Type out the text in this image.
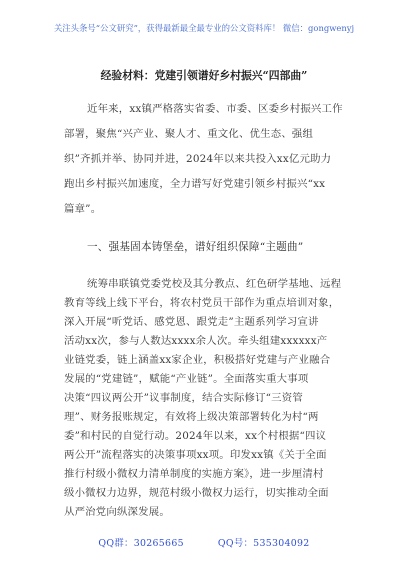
关注头条号“公文研究”，获得最新最全最专业的公文资料库！ 微信：gongwenyj
经验材料：党建引领谱好乡村振兴“四部曲”
近年来，xx镇严格落实省委、市委、区委乡村振兴工作
部署，聚焦“兴产业、聚人才、重文化、优生态、强组
织”齐抓并举、协同并进，2024年以来共投入xx亿元助力
跑出乡村振兴加速度，全力谱写好党建引领乡村振兴“xx
篇章”。
一、强基固本铸堡垒，谱好组织保障“主题曲”
统筹串联镇党委党校及其分教点、红色研学基地、远程
教育等线上线下平台，将农村党员干部作为重点培训对象，
深入开展“听党话、感党恩、跟党走”主题系列学习宣讲
活动xx次，参与人数达xxxx余人次。牵头组建xxxxxx产
业链党委，链上涵盖xx家企业，积极搭好党建与产业融合
发展的“党建链”，赋能“产业链”。全面落实重大事项
决策“四议两公开”议事制度，结合实际修订“三资管
理”、财务报账规定，有效将上级决策部署转化为村“两
委”和村民的自觉行动。2024年以来，xx个村根据“四议
两公开”流程落实的决策事项xx项。印发xx镇《关于全面
推行村级小微权力清单制度的实施方案》，进一步厘清村
级小微权力边界，规范村级小微权力运行，切实推动全面
从严治党向纵深发展。
QQ群：30265665	QQ号：535304092
